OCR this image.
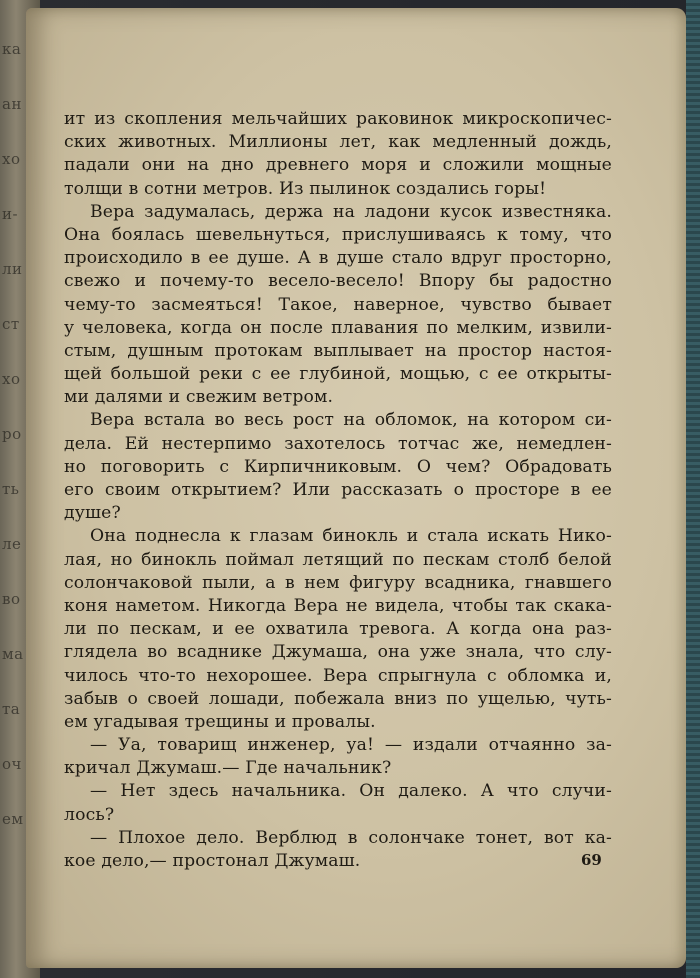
ка
ан
хо
и-
ли
ст
хо
ро
ть
ле
во
ма
та
оч
ем
ит из скопления мельчайших раковинок микроскопичес-
ских животных. Миллионы лет, как медленный дождь,
падали они на дно древнего моря и сложили мощные
толщи в сотни метров. Из пылинок создались горы!
Вера задумалась, держа на ладони кусок известняка.
Она боялась шевельнуться, прислушиваясь к тому, что
происходило в ее душе. А в душе стало вдруг просторно,
свежо и почему-то весело-весело! Впору бы радостно
чему-то засмеяться! Такое, наверное, чувство бывает
у человека, когда он после плавания по мелким, извили-
стым, душным протокам выплывает на простор настоя-
щей большой реки с ее глубиной, мощью, с ее открыты-
ми далями и свежим ветром.
Вера встала во весь рост на обломок, на котором си-
дела. Ей нестерпимо захотелось тотчас же, немедлен-
но поговорить с Кирпичниковым. О чем? Обрадовать
его своим открытием? Или рассказать о просторе в ее
душе?
Она поднесла к глазам бинокль и стала искать Нико-
лая, но бинокль поймал летящий по пескам столб белой
солончаковой пыли, а в нем фигуру всадника, гнавшего
коня наметом. Никогда Вера не видела, чтобы так скака-
ли по пескам, и ее охватила тревога. А когда она раз-
глядела во всаднике Джумаша, она уже знала, что слу-
чилось что-то нехорошее. Вера спрыгнула с обломка и,
забыв о своей лошади, побежала вниз по ущелью, чуть-
ем угадывая трещины и провалы.
— Уа, товарищ инженер, уа! — издали отчаянно за-
кричал Джумаш.— Где начальник?
— Нет здесь начальника. Он далеко. А что случи-
лось?
— Плохое дело. Верблюд в солончаке тонет, вот ка-
кое дело,— простонал Джумаш.	69
